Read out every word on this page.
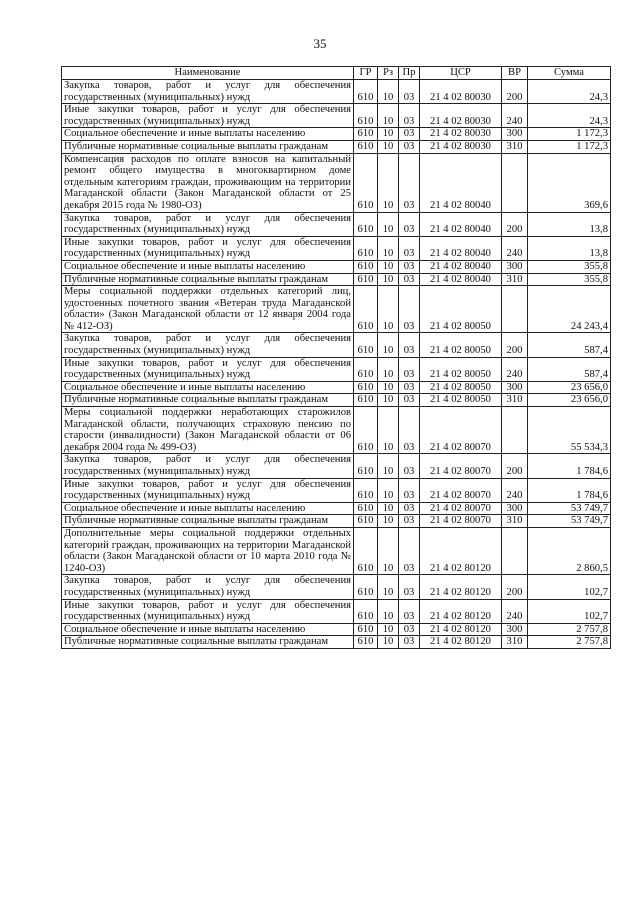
35
Наименование	ГР	Рз	Пр	ЦСР	ВР	Сумма
Закупка товаров, работ и услуг для обеспечения государственных (муниципальных) нужд	610	10	03	21 4 02 80030	200	24,3
Иные закупки товаров, работ и услуг для обеспечения государственных (муниципальных) нужд	610	10	03	21 4 02 80030	240	24,3
Социальное обеспечение и иные выплаты населению	610	10	03	21 4 02 80030	300	1 172,3
Публичные нормативные социальные выплаты гражданам	610	10	03	21 4 02 80030	310	1 172,3
Компенсация расходов по оплате взносов на капитальный ремонт общего имущества в многоквартирном доме отдельным категориям граждан, проживающим на территории Магаданской области (Закон Магаданской области от 25 декабря 2015 года № 1980-ОЗ)	610	10	03	21 4 02 80040		369,6
Закупка товаров, работ и услуг для обеспечения государственных (муниципальных) нужд	610	10	03	21 4 02 80040	200	13,8
Иные закупки товаров, работ и услуг для обеспечения государственных (муниципальных) нужд	610	10	03	21 4 02 80040	240	13,8
Социальное обеспечение и иные выплаты населению	610	10	03	21 4 02 80040	300	355,8
Публичные нормативные социальные выплаты гражданам	610	10	03	21 4 02 80040	310	355,8
Меры социальной поддержки отдельных категорий лиц, удостоенных почетного звания «Ветеран труда Магаданской области» (Закон Магаданской области от 12 января 2004 года № 412-ОЗ)	610	10	03	21 4 02 80050		24 243,4
Закупка товаров, работ и услуг для обеспечения государственных (муниципальных) нужд	610	10	03	21 4 02 80050	200	587,4
Иные закупки товаров, работ и услуг для обеспечения государственных (муниципальных) нужд	610	10	03	21 4 02 80050	240	587,4
Социальное обеспечение и иные выплаты населению	610	10	03	21 4 02 80050	300	23 656,0
Публичные нормативные социальные выплаты гражданам	610	10	03	21 4 02 80050	310	23 656,0
Меры социальной поддержки неработающих старожилов Магаданской области, получающих страховую пенсию по старости (инвалидности) (Закон Магаданской области от 06 декабря 2004 года № 499-ОЗ)	610	10	03	21 4 02 80070		55 534,3
Закупка товаров, работ и услуг для обеспечения государственных (муниципальных) нужд	610	10	03	21 4 02 80070	200	1 784,6
Иные закупки товаров, работ и услуг для обеспечения государственных (муниципальных) нужд	610	10	03	21 4 02 80070	240	1 784,6
Социальное обеспечение и иные выплаты населению	610	10	03	21 4 02 80070	300	53 749,7
Публичные нормативные социальные выплаты гражданам	610	10	03	21 4 02 80070	310	53 749,7
Дополнительные меры социальной поддержки отдельных категорий граждан, проживающих на территории Магаданской области (Закон Магаданской области от 10 марта 2010 года № 1240-ОЗ)	610	10	03	21 4 02 80120		2 860,5
Закупка товаров, работ и услуг для обеспечения государственных (муниципальных) нужд	610	10	03	21 4 02 80120	200	102,7
Иные закупки товаров, работ и услуг для обеспечения государственных (муниципальных) нужд	610	10	03	21 4 02 80120	240	102,7
Социальное обеспечение и иные выплаты населению	610	10	03	21 4 02 80120	300	2 757,8
Публичные нормативные социальные выплаты гражданам	610	10	03	21 4 02 80120	310	2 757,8
